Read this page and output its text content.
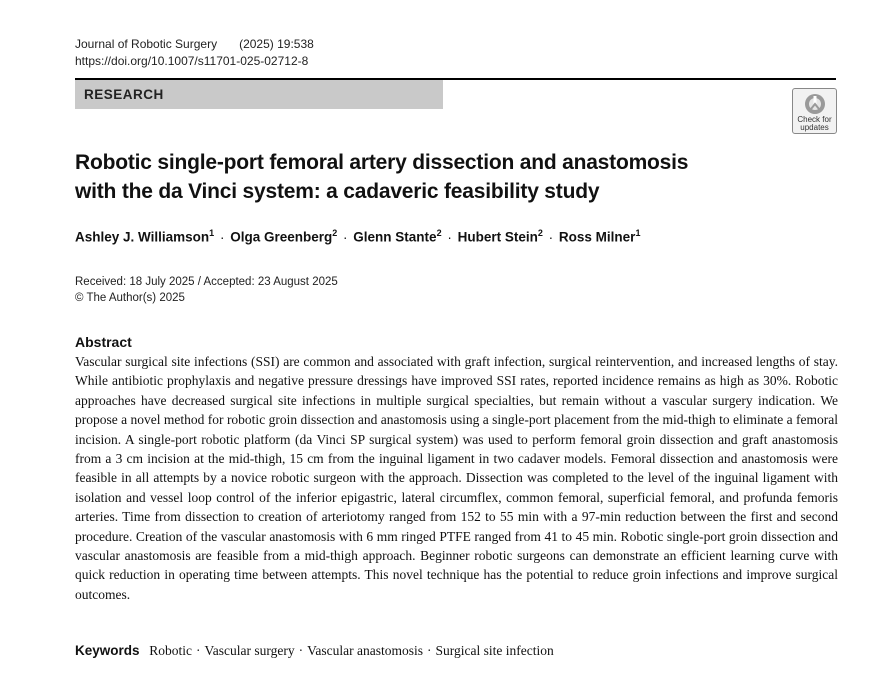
Journal of Robotic Surgery (2025) 19:538
https://doi.org/10.1007/s11701-025-02712-8
RESEARCH
Check for
updates
Robotic single-port femoral artery dissection and anastomosis
with the da Vinci system: a cadaveric feasibility study
Ashley J. Williamson$^1$ · Olga Greenberg$^2$ · Glenn Stante$^2$ · Hubert Stein$^2$ · Ross Milner$^1$
Received: 18 July 2025 / Accepted: 23 August 2025
© The Author(s) 2025
Abstract

Vascular surgical site infections (SSI) are common and associated with graft infection, surgical reintervention, and increased lengths of stay. While antibiotic prophylaxis and negative pressure dressings have improved SSI rates, reported incidence remains as high as 30%. Robotic approaches have decreased surgical site infections in multiple surgical specialties, but remain without a vascular surgery indication. We propose a novel method for robotic groin dissection and anastomosis using a single-port placement from the mid-thigh to eliminate a femoral incision. A single-port robotic platform (da Vinci SP surgical system) was used to perform femoral groin dissection and graft anastomosis from a 3 cm incision at the mid-thigh, 15 cm from the inguinal ligament in two cadaver models. Femoral dissection and anastomosis were feasible in all attempts by a novice robotic surgeon with the approach. Dissection was completed to the level of the inguinal ligament with isolation and vessel loop control of the inferior epigastric, lateral circumflex, common femoral, superficial femoral, and profunda femoris arteries. Time from dissection to creation of arteriotomy ranged from 152 to 55 min with a 97-min reduction between the first and second procedure. Creation of the vascular anastomosis with 6 mm ringed PTFE ranged from 41 to 45 min. Robotic single-port groin dissection and vascular anastomosis are feasible from a mid-thigh approach. Beginner robotic surgeons can demonstrate an efficient learning curve with quick reduction in operating time between attempts. This novel technique has the potential to reduce groin infections and improve surgical outcomes.

Keywords Robotic · Vascular surgery · Vascular anastomosis · Surgical site infection
